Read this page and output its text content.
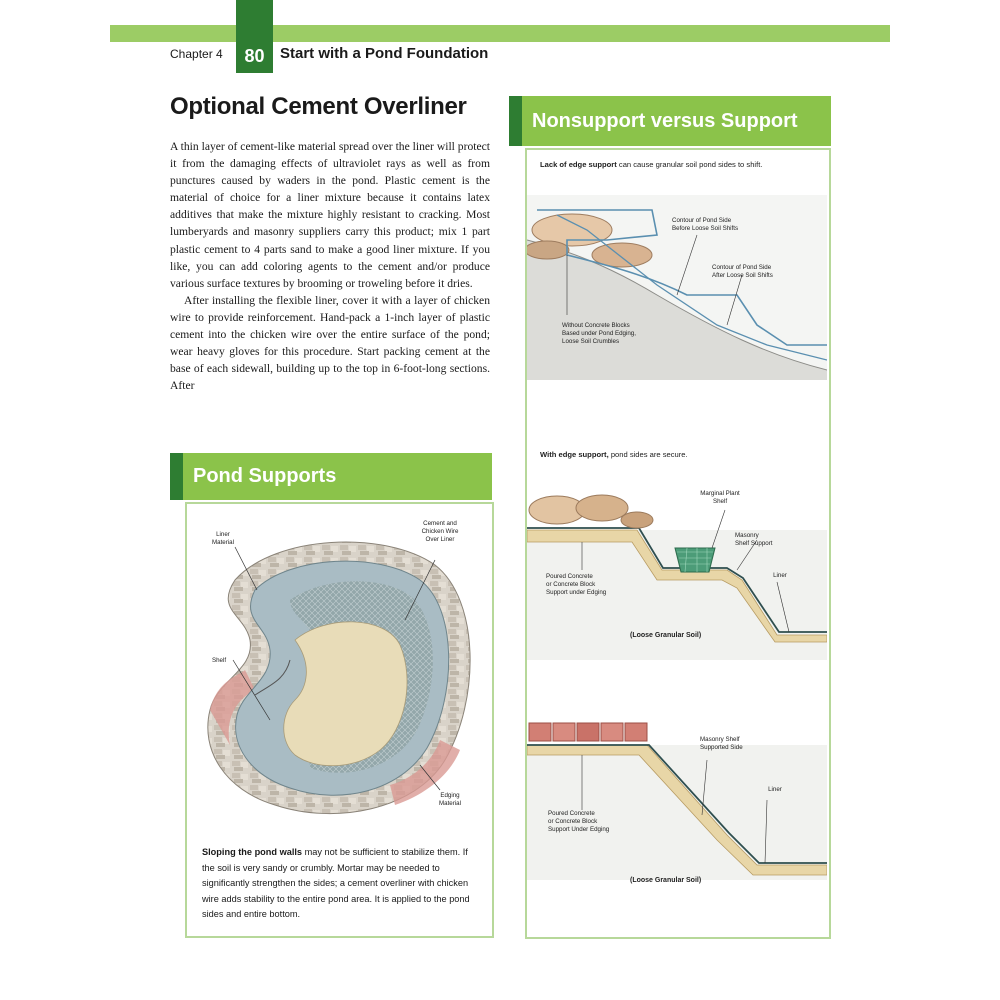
80
Chapter 4	Start with a Pond Foundation
Optional Cement Overliner

A thin layer of cement-like material spread over the liner will protect it from the damaging effects of ultraviolet rays as well as from punctures caused by waders in the pond. Plastic cement is the material of choice for a liner mixture because it contains latex additives that make the mixture highly resistant to cracking. Most lumberyards and masonry suppliers carry this product; mix 1 part plastic cement to 4 parts sand to make a good liner mixture. If you like, you can add coloring agents to the cement and/or produce various surface textures by brooming or troweling before it dries.

After installing the flexible liner, cover it with a layer of chicken wire to provide reinforcement. Hand-pack a 1-inch layer of plastic cement into the chicken wire over the entire surface of the pond; wear heavy gloves for this procedure. Start packing cement at the base of each sidewall, building up to the top in 6-foot-long sections. After

Pond Supports
Liner
Material
Cement and
Chicken Wire
Over Liner
Shelf
Edging
Material
Sloping the pond walls may not be sufficient to stabilize them. If the soil is very sandy or crumbly. Mortar may be needed to significantly strengthen the sides; a cement overliner with chicken wire adds stability to the entire pond area. It is applied to the pond sides and entire bottom.
Nonsupport versus Support
Lack of edge support can cause granular soil pond sides to shift.
Contour of Pond Side
Before Loose Soil Shifts
Contour of Pond Side
After Loose Soil Shifts
Without Concrete Blocks
Based under Pond Edging,
Loose Soil Crumbles
With edge support, pond sides are secure.
Marginal Plant
Shelf
Masonry
Shelf Support
Liner
Poured Concrete
or Concrete Block
Support under Edging
(Loose Granular Soil)
Masonry Shelf
Supported Side
Liner
Poured Concrete
or Concrete Block
Support Under Edging
(Loose Granular Soil)
